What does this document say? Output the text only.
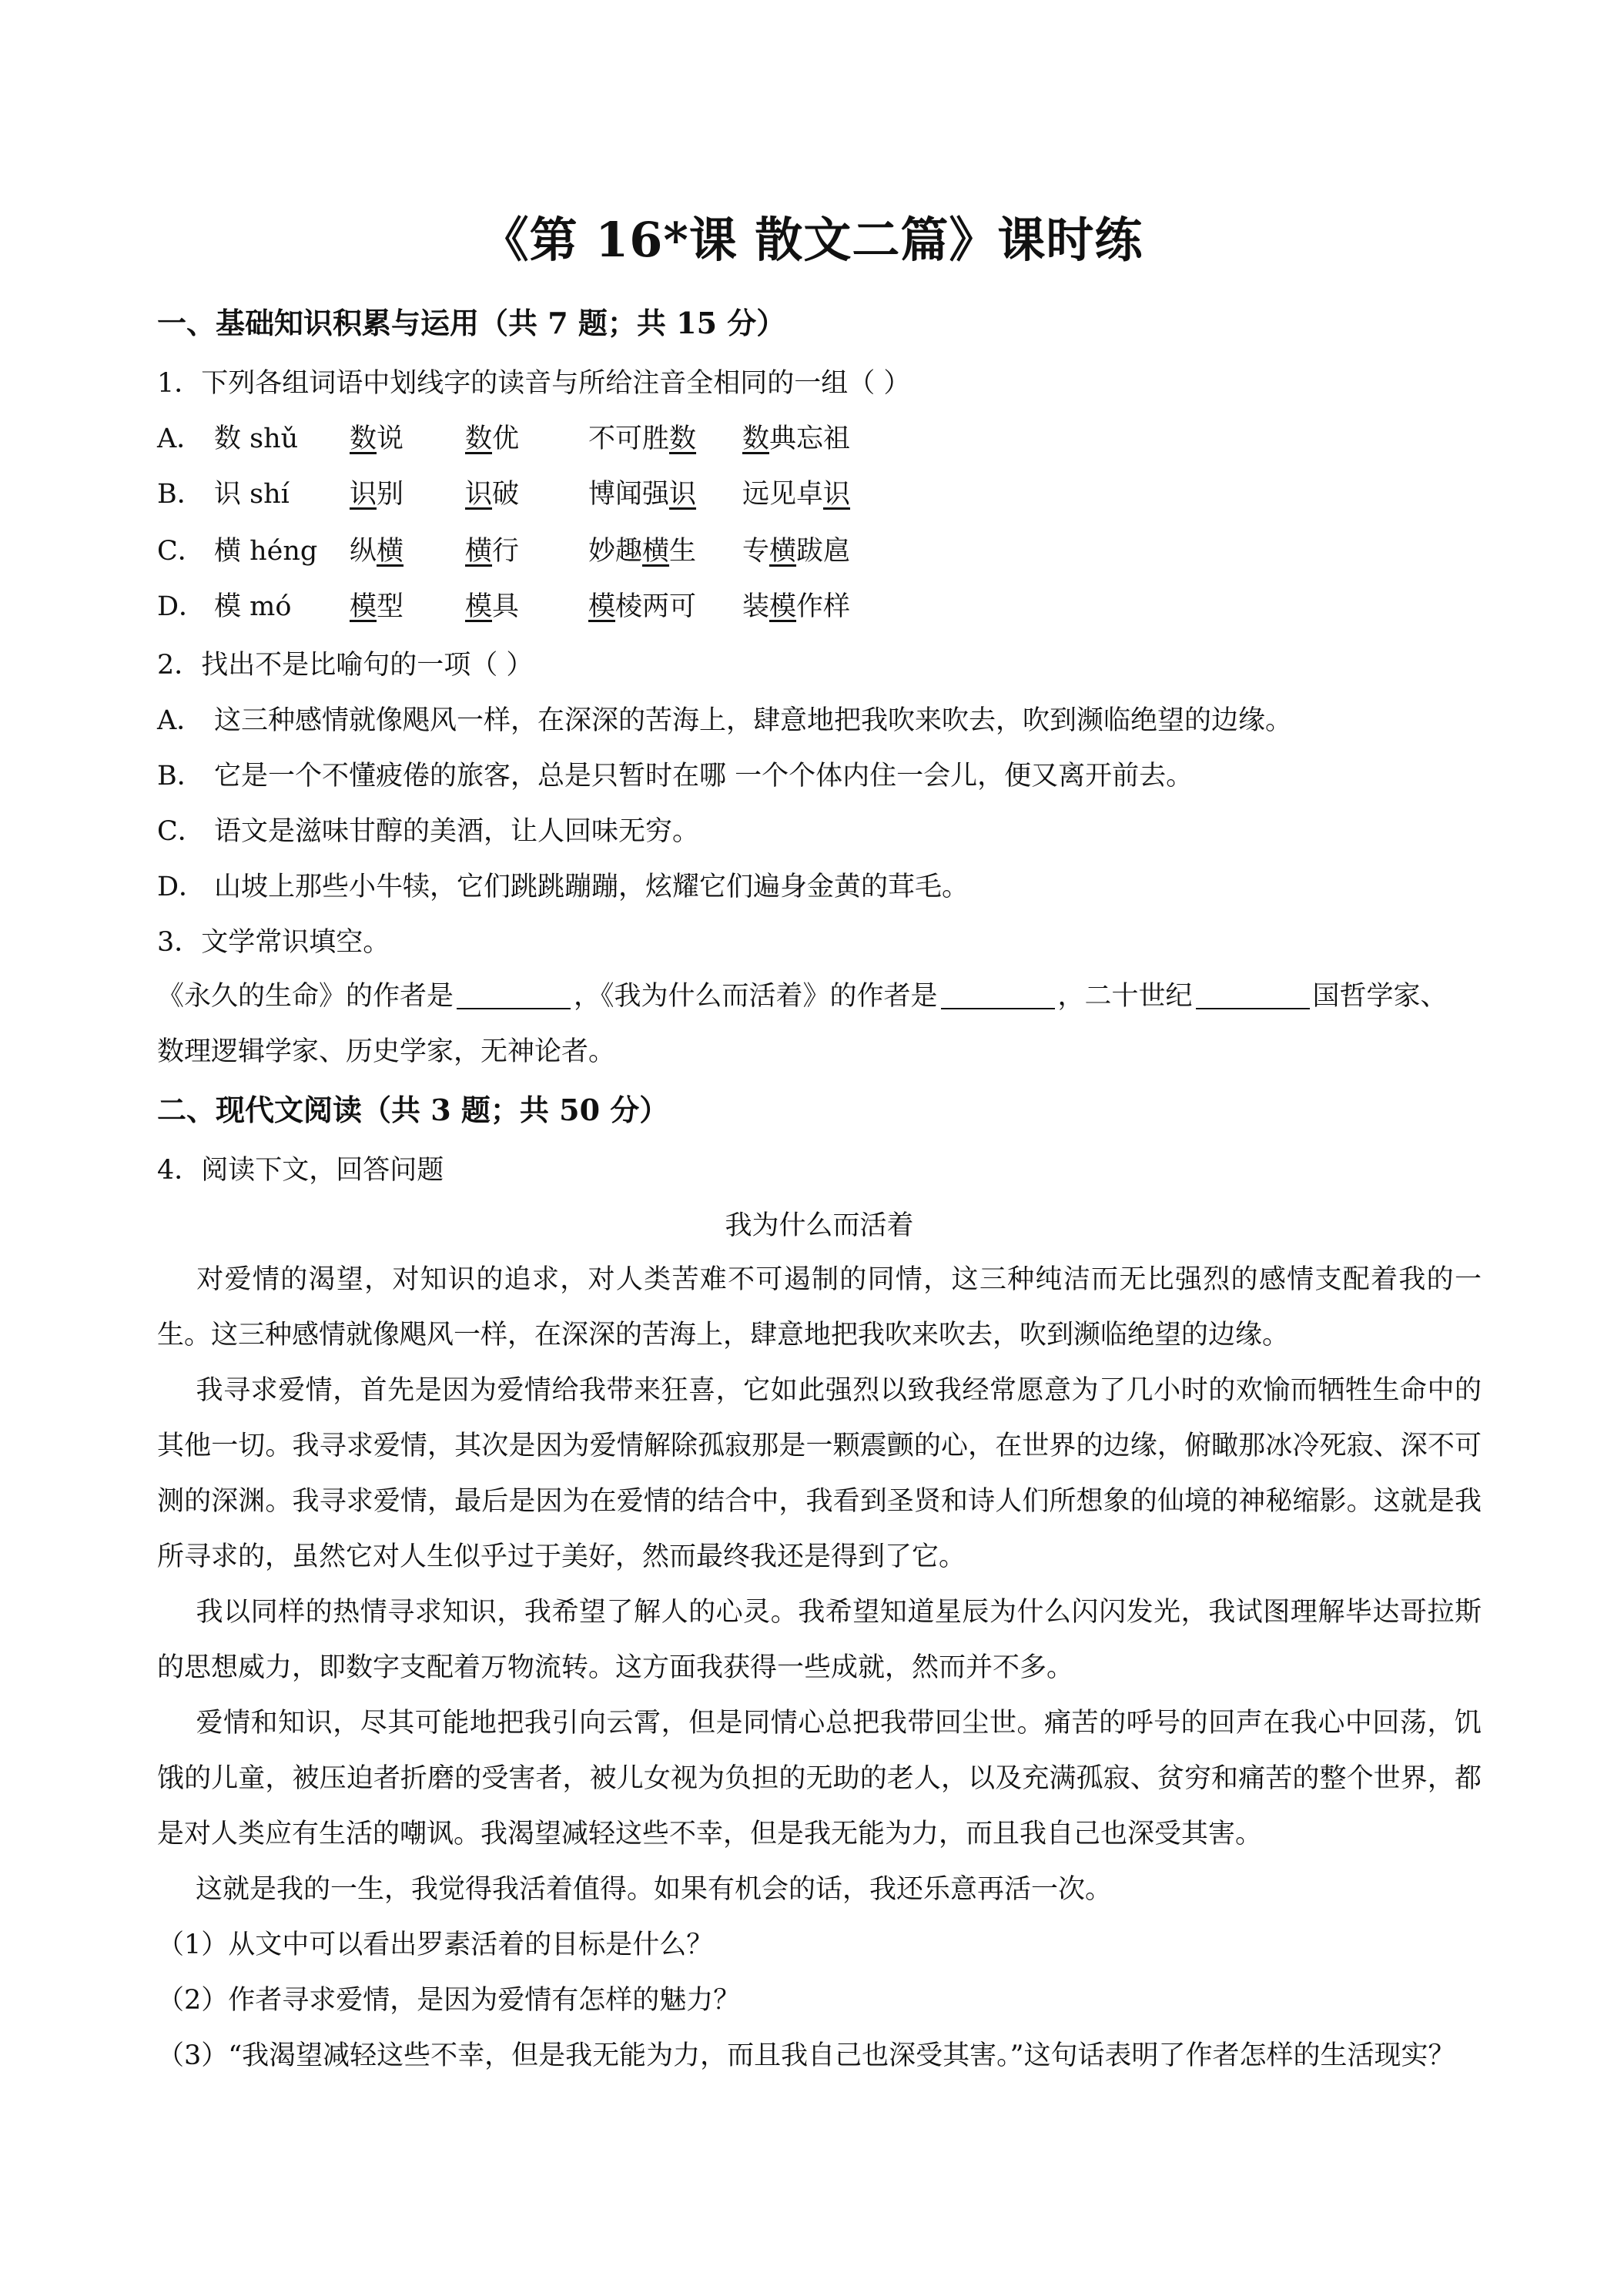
《第 16*课 散文二篇》课时练
一、基础知识积累与运用（共 7 题；共 15 分）
1．下列各组词语中划线字的读音与所给注音全相同的一组（ ）
A． 数 shǔ 数说 数优	不可胜数 数典忘祖
B． 识 shí 识别 识破	博闻强识 远见卓识
C． 横 héng 纵横 横行	妙趣横生 专横跋扈
D． 模 mó 模型 模具	模棱两可 装模作样
2．找出不是比喻句的一项（ ）
A． 这三种感情就像飓风一样，在深深的苦海上，肆意地把我吹来吹去，吹到濒临绝望的边缘。
B． 它是一个不懂疲倦的旅客，总是只暂时在哪 一个个体内住一会儿，便又离开前去。
C． 语文是滋味甘醇的美酒，让人回味无穷。
D． 山坡上那些小牛犊，它们跳跳蹦蹦，炫耀它们遍身金黄的茸毛。
3．文学常识填空。
《永久的生命》的作者是	，《我为什么而活着》的作者是	，二十世纪	国哲学家、
数理逻辑学家、历史学家，无神论者。
二、现代文阅读（共 3 题；共 50 分）
4．阅读下文，回答问题
我为什么而活着
对爱情的渴望，对知识的追求，对人类苦难不可遏制的同情，这三种纯洁而无比强烈的感情支配着我的一生。这三种感情就像飓风一样，在深深的苦海上，肆意地把我吹来吹去，吹到濒临绝望的边缘。
我寻求爱情，首先是因为爱情给我带来狂喜，它如此强烈以致我经常愿意为了几小时的欢愉而牺牲生命中的其他一切。我寻求爱情，其次是因为爱情解除孤寂那是一颗震颤的心，在世界的边缘，俯瞰那冰冷死寂、深不可测的深渊。我寻求爱情，最后是因为在爱情的结合中，我看到圣贤和诗人们所想象的仙境的神秘缩影。这就是我所寻求的，虽然它对人生似乎过于美好，然而最终我还是得到了它。
我以同样的热情寻求知识，我希望了解人的心灵。我希望知道星辰为什么闪闪发光，我试图理解毕达哥拉斯的思想威力，即数字支配着万物流转。这方面我获得一些成就，然而并不多。
爱情和知识，尽其可能地把我引向云霄，但是同情心总把我带回尘世。痛苦的呼号的回声在我心中回荡，饥饿的儿童，被压迫者折磨的受害者，被儿女视为负担的无助的老人，以及充满孤寂、贫穷和痛苦的整个世界，都是对人类应有生活的嘲讽。我渴望减轻这些不幸，但是我无能为力，而且我自己也深受其害。
这就是我的一生，我觉得我活着值得。如果有机会的话，我还乐意再活一次。
（1）从文中可以看出罗素活着的目标是什么？
（2）作者寻求爱情，是因为爱情有怎样的魅力？
（3）“我渴望减轻这些不幸，但是我无能为力，而且我自己也深受其害。”这句话表明了作者怎样的生活现实？
